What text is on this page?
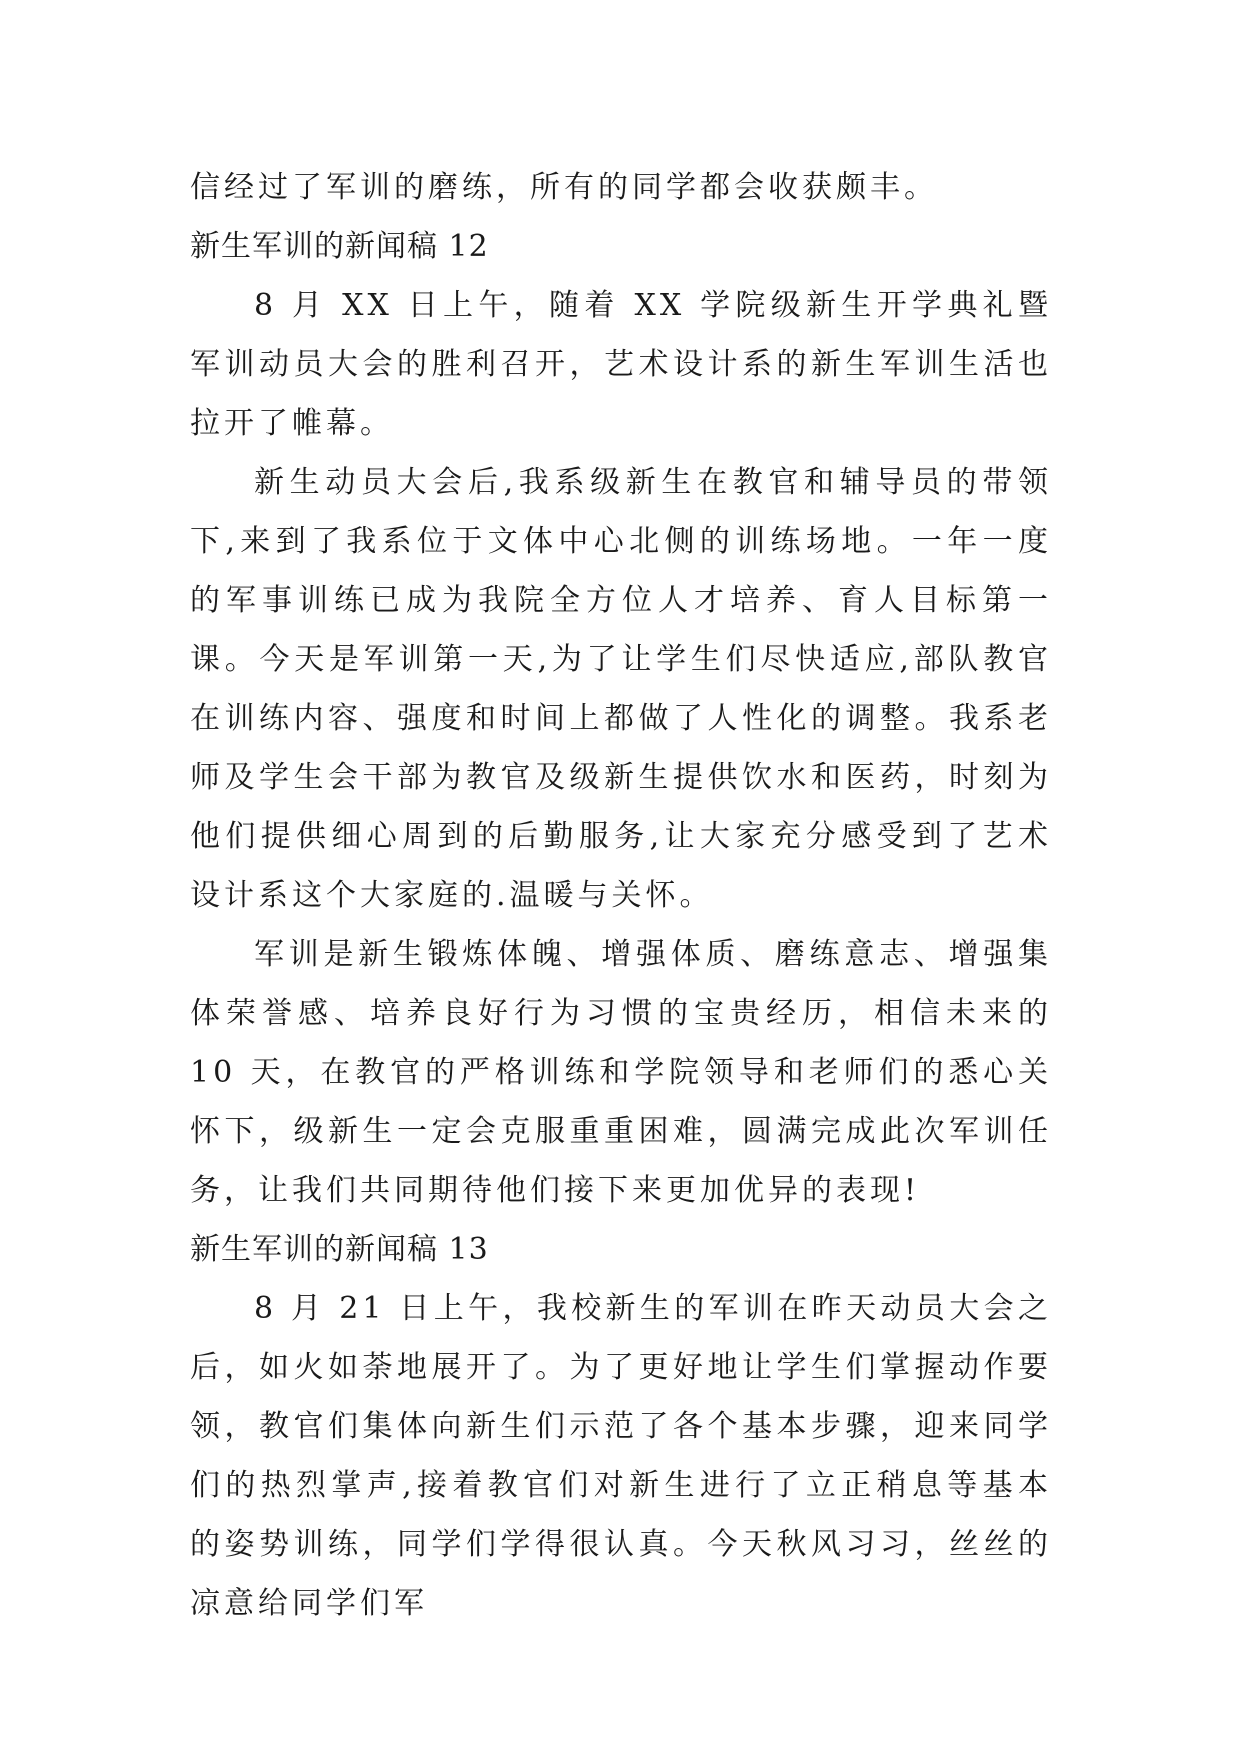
信经过了军训的磨练，所有的同学都会收获颇丰。

新生军训的新闻稿 12

8 月 XX 日上午，随着 XX 学院级新生开学典礼暨军训动员大会的胜利召开，艺术设计系的新生军训生活也拉开了帷幕。

新生动员大会后,我系级新生在教官和辅导员的带领下,来到了我系位于文体中心北侧的训练场地。一年一度的军事训练已成为我院全方位人才培养、育人目标第一课。今天是军训第一天,为了让学生们尽快适应,部队教官在训练内容、强度和时间上都做了人性化的调整。我系老师及学生会干部为教官及级新生提供饮水和医药，时刻为他们提供细心周到的后勤服务,让大家充分感受到了艺术设计系这个大家庭的.温暖与关怀。

军训是新生锻炼体魄、增强体质、磨练意志、增强集体荣誉感、培养良好行为习惯的宝贵经历，相信未来的 10 天，在教官的严格训练和学院领导和老师们的悉心关怀下，级新生一定会克服重重困难，圆满完成此次军训任务，让我们共同期待他们接下来更加优异的表现!

新生军训的新闻稿 13

8 月 21 日上午，我校新生的军训在昨天动员大会之后，如火如荼地展开了。为了更好地让学生们掌握动作要领，教官们集体向新生们示范了各个基本步骤，迎来同学们的热烈掌声,接着教官们对新生进行了立正稍息等基本的姿势训练，同学们学得很认真。今天秋风习习，丝丝的凉意给同学们军
